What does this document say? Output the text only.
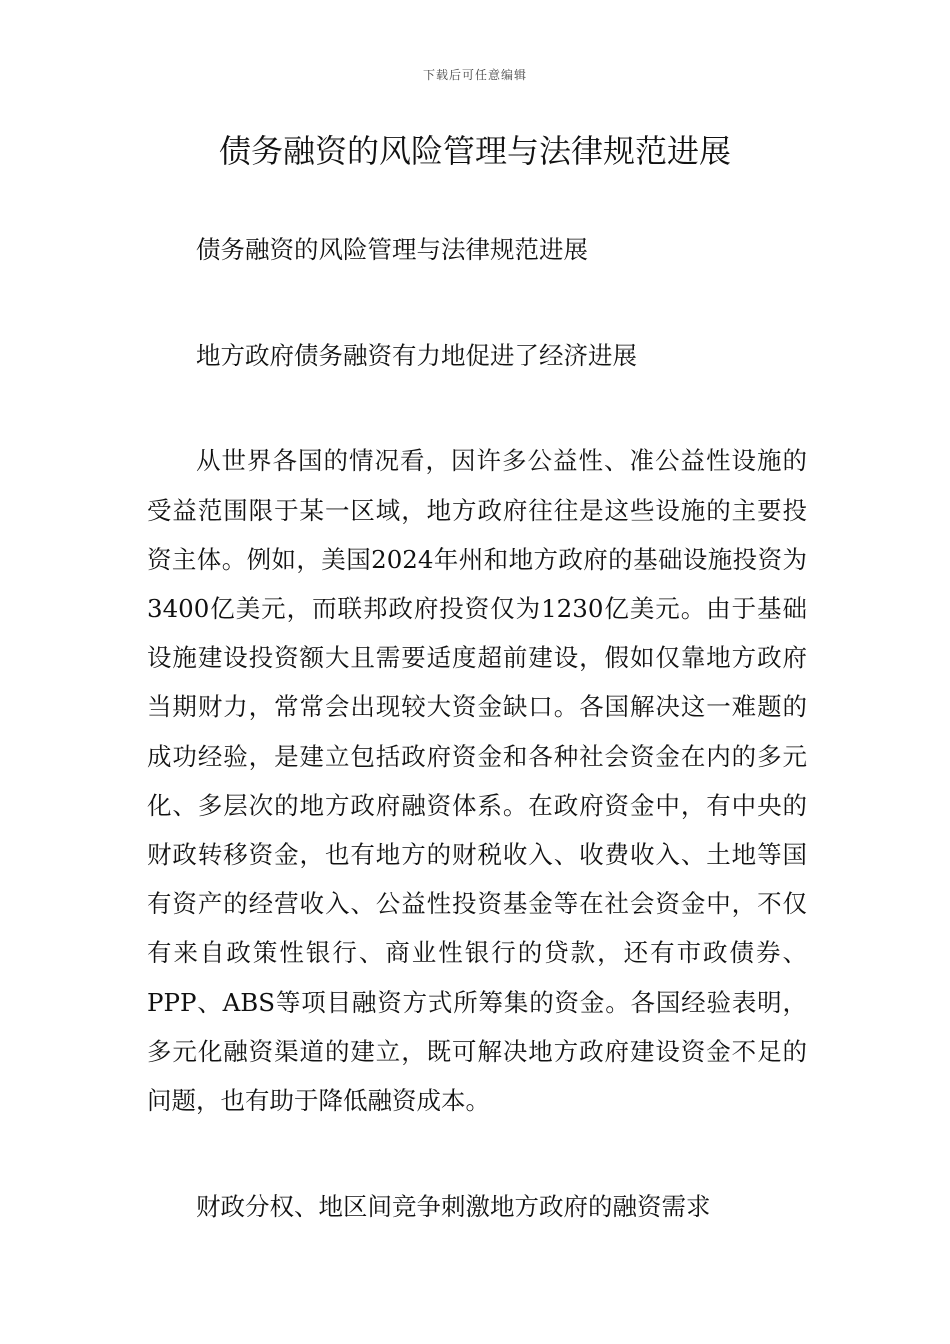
下载后可任意编辑
债务融资的风险管理与法律规范进展

债务融资的风险管理与法律规范进展

地方政府债务融资有力地促进了经济进展

从世界各国的情况看，因许多公益性、准公益性设施的受益范围限于某一区域，地方政府往往是这些设施的主要投资主体。例如，美国2024年州和地方政府的基础设施投资为3400亿美元，而联邦政府投资仅为1230亿美元。由于基础设施建设投资额大且需要适度超前建设，假如仅靠地方政府当期财力，常常会出现较大资金缺口。各国解决这一难题的成功经验，是建立包括政府资金和各种社会资金在内的多元化、多层次的地方政府融资体系。在政府资金中，有中央的财政转移资金，也有地方的财税收入、收费收入、土地等国有资产的经营收入、公益性投资基金等在社会资金中，不仅有来自政策性银行、商业性银行的贷款，还有市政债券、PPP、ABS等项目融资方式所筹集的资金。各国经验表明，多元化融资渠道的建立，既可解决地方政府建设资金不足的问题，也有助于降低融资成本。

财政分权、地区间竞争刺激地方政府的融资需求
